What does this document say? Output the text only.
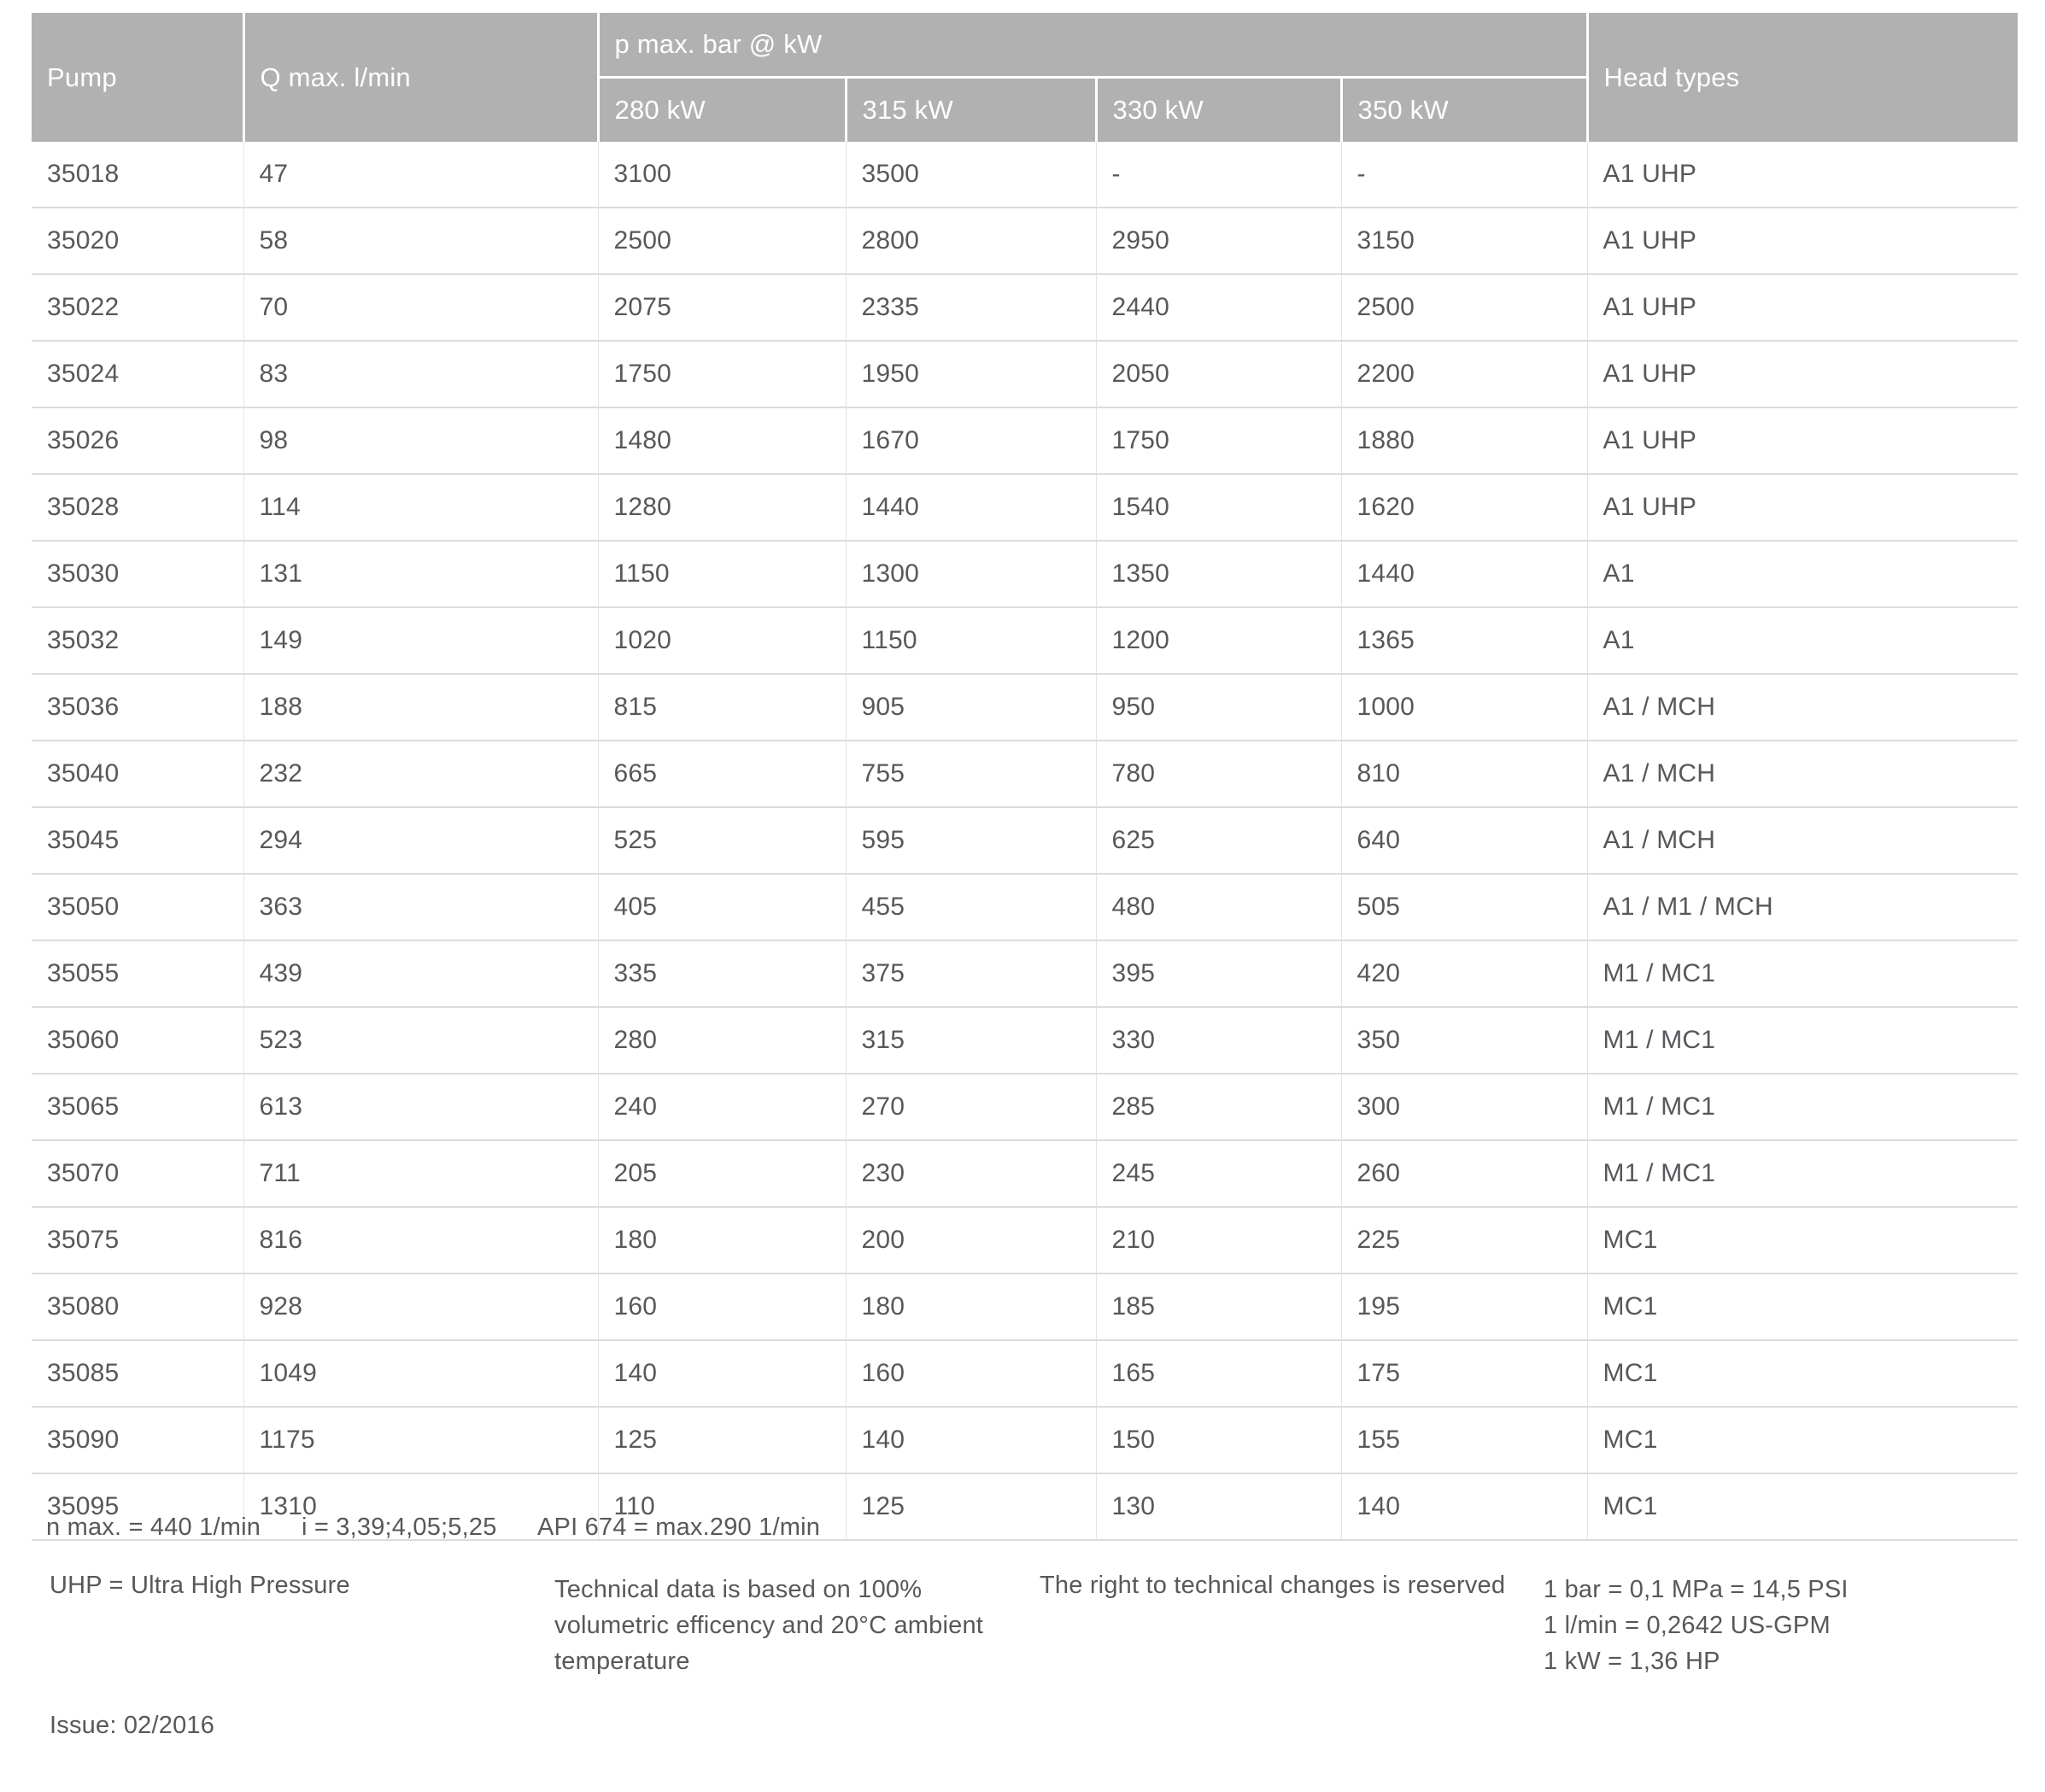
Pump	Q max. l/min	p max. bar @ kW				Head types
		280 kW	315 kW	330 kW	350 kW	
35018	47	3100	3500	-	-	A1 UHP
35020	58	2500	2800	2950	3150	A1 UHP
35022	70	2075	2335	2440	2500	A1 UHP
35024	83	1750	1950	2050	2200	A1 UHP
35026	98	1480	1670	1750	1880	A1 UHP
35028	114	1280	1440	1540	1620	A1 UHP
35030	131	1150	1300	1350	1440	A1
35032	149	1020	1150	1200	1365	A1
35036	188	815	905	950	1000	A1 / MCH
35040	232	665	755	780	810	A1 / MCH
35045	294	525	595	625	640	A1 / MCH
35050	363	405	455	480	505	A1 / M1 / MCH
35055	439	335	375	395	420	M1 / MC1
35060	523	280	315	330	350	M1 / MC1
35065	613	240	270	285	300	M1 / MC1
35070	711	205	230	245	260	M1 / MC1
35075	816	180	200	210	225	MC1
35080	928	160	180	185	195	MC1
35085	1049	140	160	165	175	MC1
35090	1175	125	140	150	155	MC1
35095	1310	110	125	130	140	MC1
n max. = 440 1/min i = 3,39;4,05;5,25 API 674 = max.290 1/min
UHP = Ultra High Pressure	Technical data is based on 100% volumetric efficency and 20°C ambient temperature
The right to technical changes is reserved 1 bar = 0,1 MPa = 14,5 PSI
1 l/min = 0,2642 US-GPM
1 kW = 1,36 HP
Issue: 02/2016
